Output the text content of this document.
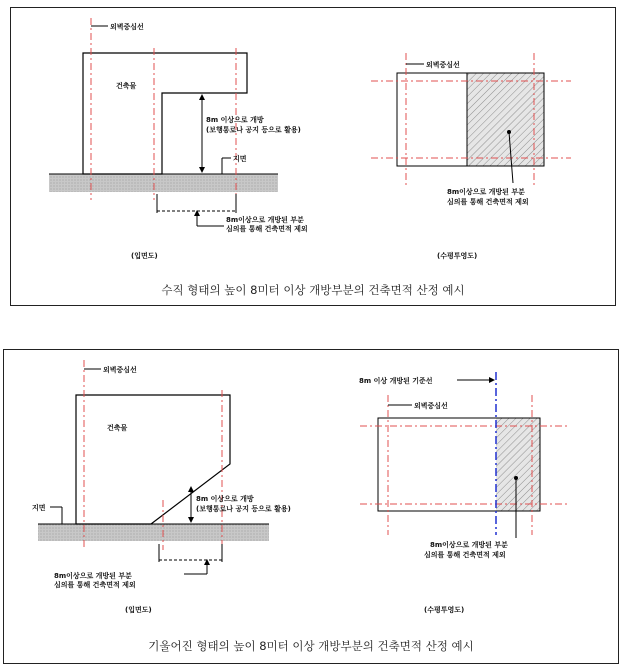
외벽중심선
건축물
8m 이상으로 개방
(보행통로나 공지 등으로 활용)
지면
8m이상으로 개방된 부분
심의를 통해 건축면적 제외
(입면도)
외벽중심선
8m이상으로 개방된 부분
심의를 통해 건축면적 제외
(수평투영도)
수직 형태의 높이 8미터 이상 개방부분의 건축면적 산정 예시
외벽중심선
건축물
8m 이상으로 개방
(보행통로나 공지 등으로 활용)
지면
8m이상으로 개방된 부분
심의를 통해 건축면적 제외
(입면도)
8m 이상 개방된 기준선
외벽중심선
8m이상으로 개방된 부분
심의를 통해 건축면적 제외
(수평투영도)
기울어진 형태의 높이 8미터 이상 개방부분의 건축면적 산정 예시
